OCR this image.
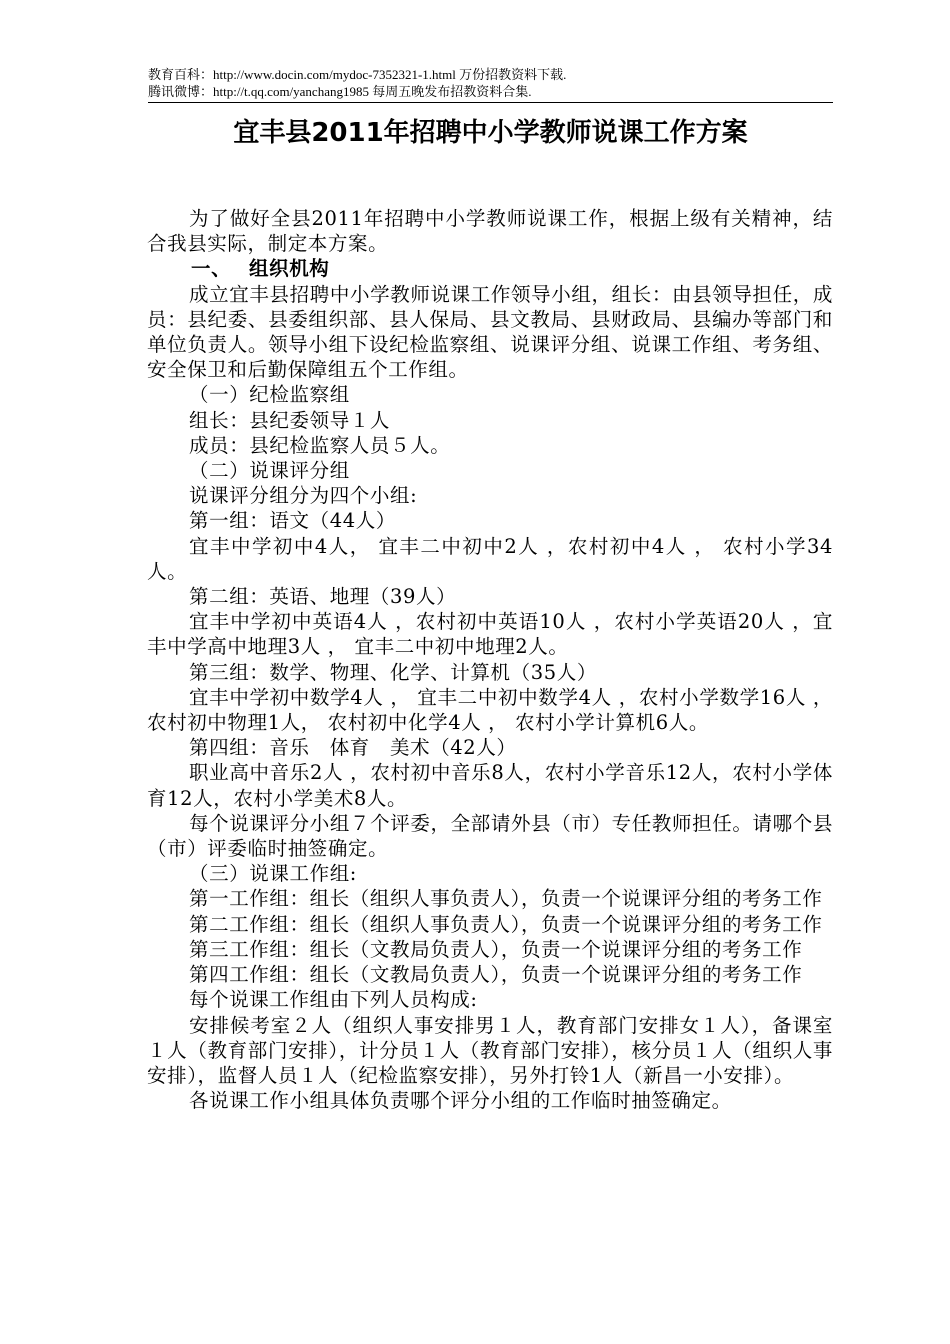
教育百科：http://www.docin.com/mydoc-7352321-1.html 万份招教资料下载.
腾讯微博：http://t.qq.com/yanchang1985 每周五晚发布招教资料合集.
宜丰县2011年招聘中小学教师说课工作方案

为了做好全县2011年招聘中小学教师说课工作，根据上级有关精神，结合我县实际，制定本方案。

一、 组织机构

成立宜丰县招聘中小学教师说课工作领导小组，组长：由县领导担任，成员：县纪委、县委组织部、县人保局、县文教局、县财政局、县编办等部门和单位负责人。领导小组下设纪检监察组、说课评分组、说课工作组、考务组、安全保卫和后勤保障组五个工作组。

（一）纪检监察组

组长：县纪委领导１人

成员：县纪检监察人员５人。

（二）说课评分组

说课评分组分为四个小组:

第一组：语文（44人）

宜丰中学初中4人， 宜丰二中初中2人 ，农村初中4人 ， 农村小学34人。

第二组：英语、地理（39人）

宜丰中学初中英语4人 ，农村初中英语10人 ，农村小学英语20人 ，宜丰中学高中地理3人 ， 宜丰二中初中地理2人。

第三组：数学、物理、化学、计算机（35人）

宜丰中学初中数学4人 ， 宜丰二中初中数学4人 ，农村小学数学16人 ，农村初中物理1人， 农村初中化学4人 ， 农村小学计算机6人。

第四组：音乐　体育　美术（42人）

职业高中音乐2人 ，农村初中音乐8人，农村小学音乐12人，农村小学体育12人，农村小学美术8人。

每个说课评分小组７个评委，全部请外县（市）专任教师担任。请哪个县（市）评委临时抽签确定。

（三）说课工作组:

第一工作组：组长（组织人事负责人），负责一个说课评分组的考务工作

第二工作组：组长（组织人事负责人），负责一个说课评分组的考务工作

第三工作组：组长（文教局负责人），负责一个说课评分组的考务工作

第四工作组：组长（文教局负责人），负责一个说课评分组的考务工作

每个说课工作组由下列人员构成:

安排候考室２人（组织人事安排男１人，教育部门安排女１人），备课室１人（教育部门安排），计分员１人（教育部门安排），核分员１人（组织人事安排），监督人员１人（纪检监察安排），另外打铃1人（新昌一小安排）。

各说课工作小组具体负责哪个评分小组的工作临时抽签确定。
